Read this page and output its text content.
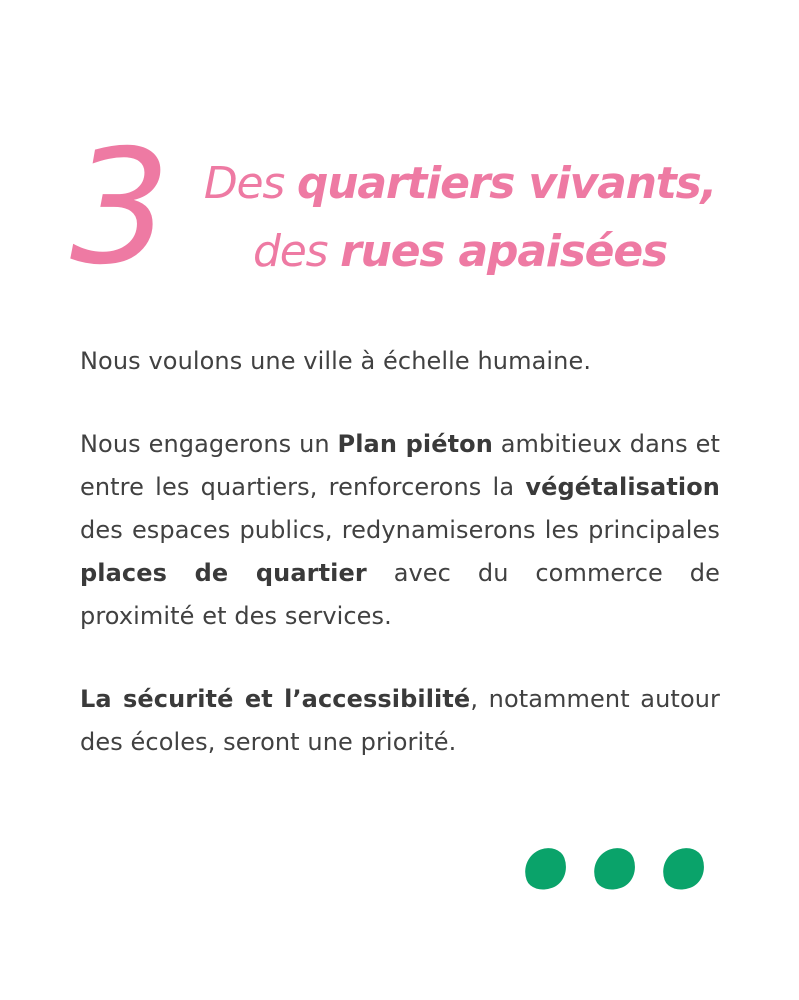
3 Des quartiers vivants,
des rues apaisées

Nous voulons une ville à échelle humaine.

Nous engagerons un Plan piéton ambitieux dans et entre les quartiers, renforcerons la végétalisation des espaces publics, redynamiserons les principales places de quartier avec du commerce de proximité et des services.

La sécurité et l’accessibilité, notamment autour des écoles, seront une priorité.
